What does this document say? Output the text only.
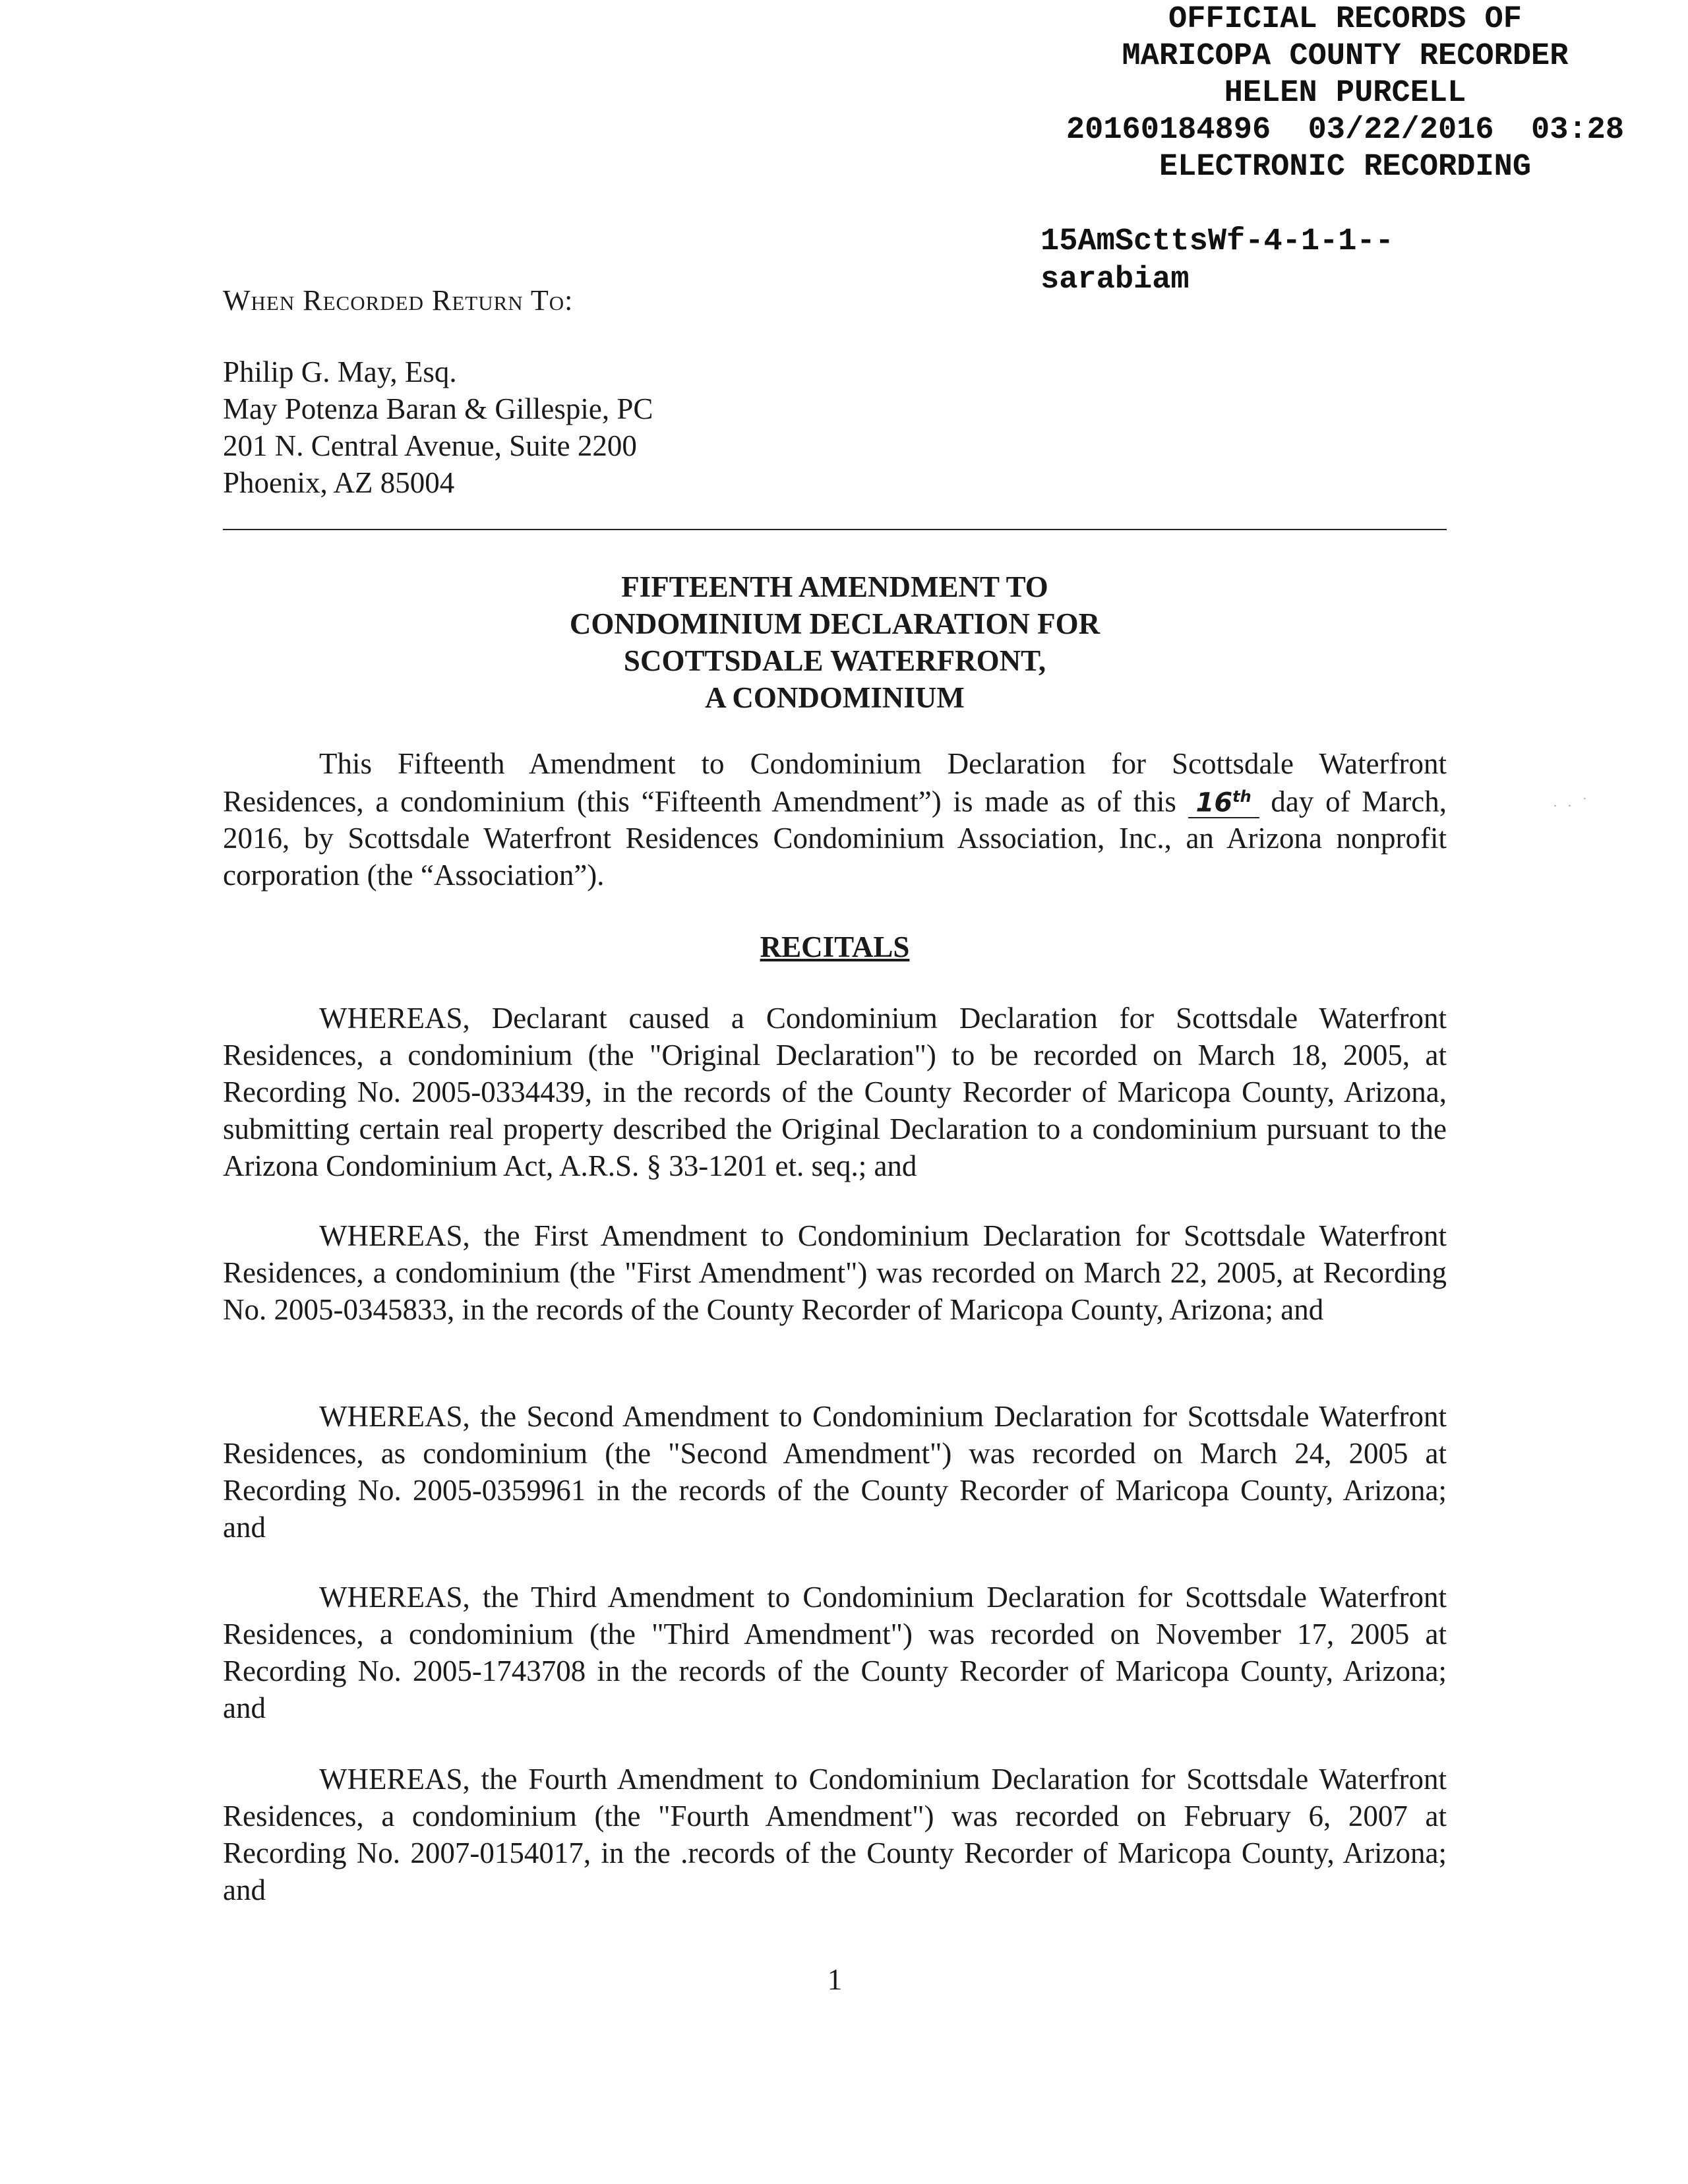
OFFICIAL RECORDS OF
MARICOPA COUNTY RECORDER
HELEN PURCELL
20160184896  03/22/2016  03:28
ELECTRONIC RECORDING
15AmScttsWf-4-1-1--
sarabiam
When Recorded Return To:
Philip G. May, Esq.
May Potenza Baran & Gillespie, PC
201 N. Central Avenue, Suite 2200
Phoenix, AZ 85004
FIFTEENTH AMENDMENT TO
CONDOMINIUM DECLARATION FOR
SCOTTSDALE WATERFRONT,
A CONDOMINIUM

This Fifteenth Amendment to Condominium Declaration for Scottsdale Waterfront Residences, a condominium (this “Fifteenth Amendment”) is made as of this 16th day of March, 2016, by Scottsdale Waterfront Residences Condominium Association, Inc., an Arizona nonprofit corporation (the “Association”).

. . ˙
RECITALS

WHEREAS, Declarant caused a Condominium Declaration for Scottsdale Waterfront Residences, a condominium (the "Original Declaration") to be recorded on March 18, 2005, at Recording No. 2005-0334439, in the records of the County Recorder of Maricopa County, Arizona, submitting certain real property described the Original Declaration to a condominium pursuant to the Arizona Condominium Act, A.R.S. § 33-1201 et. seq.; and

WHEREAS, the First Amendment to Condominium Declaration for Scottsdale Waterfront Residences, a condominium (the "First Amendment") was recorded on March 22, 2005, at Recording No. 2005-0345833, in the records of the County Recorder of Maricopa County, Arizona; and

WHEREAS, the Second Amendment to Condominium Declaration for Scottsdale Waterfront Residences, as condominium (the "Second Amendment") was recorded on March 24, 2005 at Recording No. 2005-0359961 in the records of the County Recorder of Maricopa County, Arizona; and

WHEREAS, the Third Amendment to Condominium Declaration for Scottsdale Waterfront Residences, a condominium (the "Third Amendment") was recorded on November 17, 2005 at Recording No. 2005-1743708 in the records of the County Recorder of Maricopa County, Arizona; and

WHEREAS, the Fourth Amendment to Condominium Declaration for Scottsdale Waterfront Residences, a condominium (the "Fourth Amendment") was recorded on February 6, 2007 at Recording No. 2007-0154017, in the .records of the County Recorder of Maricopa County, Arizona; and

1
